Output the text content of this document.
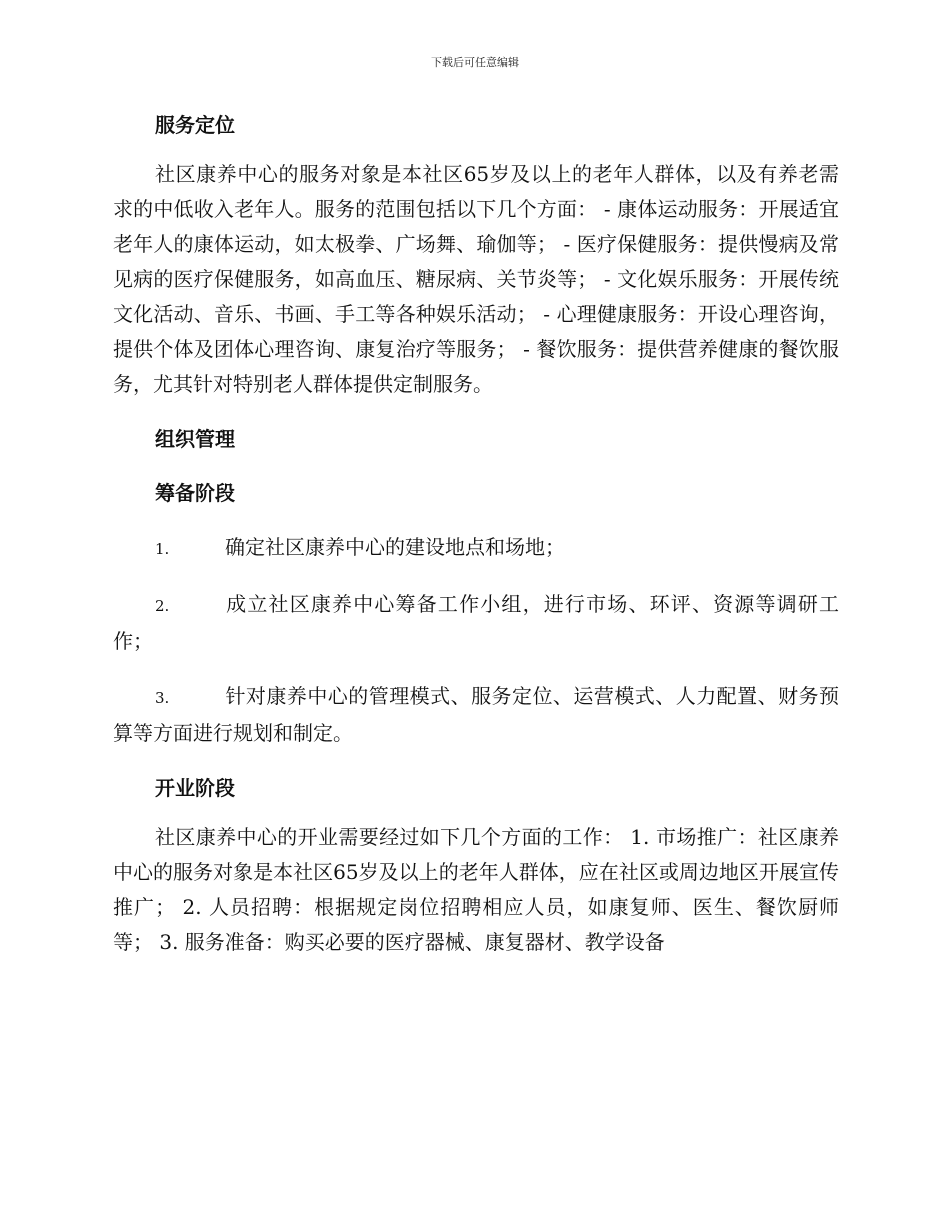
下载后可任意编辑
服务定位

社区康养中心的服务对象是本社区65岁及以上的老年人群体，以及有养老需求的中低收入老年人。服务的范围包括以下几个方面： - 康体运动服务：开展适宜老年人的康体运动，如太极拳、广场舞、瑜伽等； - 医疗保健服务：提供慢病及常见病的医疗保健服务，如高血压、糖尿病、关节炎等； - 文化娱乐服务：开展传统文化活动、音乐、书画、手工等各种娱乐活动； - 心理健康服务：开设心理咨询，提供个体及团体心理咨询、康复治疗等服务； - 餐饮服务：提供营养健康的餐饮服务，尤其针对特别老人群体提供定制服务。

组织管理
筹备阶段

1.	确定社区康养中心的建设地点和场地；

2.	成立社区康养中心筹备工作小组，进行市场、环评、资源等调研工作；

3.	针对康养中心的管理模式、服务定位、运营模式、人力配置、财务预算等方面进行规划和制定。

开业阶段

社区康养中心的开业需要经过如下几个方面的工作： 1. 市场推广：社区康养中心的服务对象是本社区65岁及以上的老年人群体，应在社区或周边地区开展宣传推广； 2. 人员招聘：根据规定岗位招聘相应人员，如康复师、医生、餐饮厨师等； 3. 服务准备：购买必要的医疗器械、康复器材、教学设备
